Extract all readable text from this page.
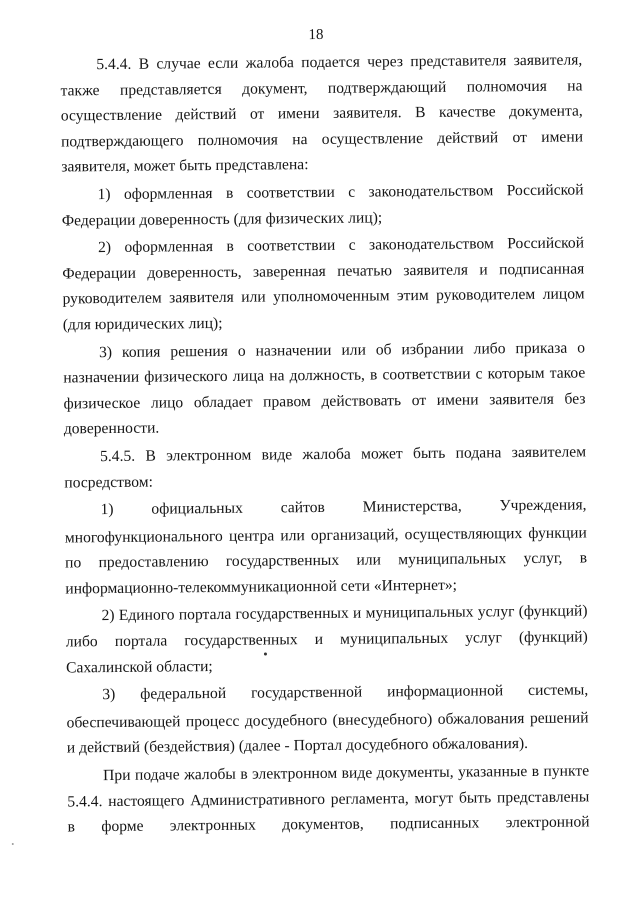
18

5.4.4. В случае если жалоба подается через представителя заявителя, также представляется документ, подтверждающий полномочия на осуществление действий от имени заявителя. В качестве документа, подтверждающего полномочия на осуществление действий от имени заявителя, может быть представлена:

1) оформленная в соответствии с законодательством Российской Федерации доверенность (для физических лиц);

2) оформленная в соответствии с законодательством Российской Федерации доверенность, заверенная печатью заявителя и подписанная руководителем заявителя или уполномоченным этим руководителем лицом (для юридических лиц);

3) копия решения о назначении или об избрании либо приказа о назначении физического лица на должность, в соответствии с которым такое физическое лицо обладает правом действовать от имени заявителя без доверенности.

5.4.5. В электронном виде жалоба может быть подана заявителем посредством:

1) официальных сайтов Министерства, Учреждения,

многофункционального центра или организаций, осуществляющих функции по предоставлению государственных или муниципальных услуг, в информационно-телекоммуникационной сети «Интернет»;

2) Единого портала государственных и муниципальных услуг (функций) либо портала государственных и муниципальных услуг (функций) Сахалинской области;

3) федеральной государственной информационной системы,

обеспечивающей процесс досудебного (внесудебного) обжалования решений и действий (бездействия) (далее - Портал досудебного обжалования).

При подаче жалобы в электронном виде документы, указанные в пункте 5.4.4. настоящего Административного регламента, могут быть представлены в форме электронных документов, подписанных электронной
